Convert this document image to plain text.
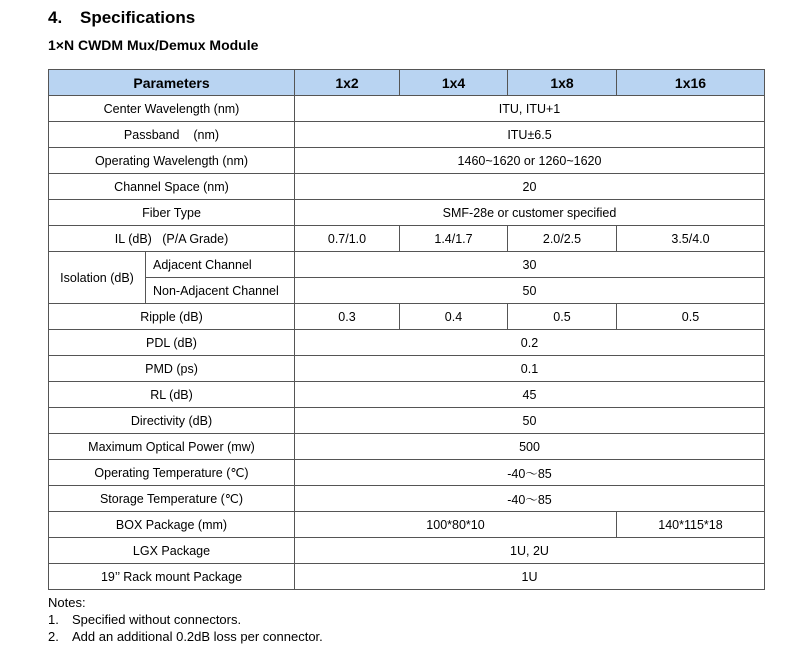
4. Specifications
1×N CWDM Mux/Demux Module
Parameters		1x2	1x4	1x8	1x16
Center Wavelength (nm)		ITU, ITU+1			
Passband    (nm)		ITU±6.5			
Operating Wavelength (nm)		1460~1620 or 1260~1620			
Channel Space (nm)		20			
Fiber Type		SMF-28e or customer specified			
IL (dB)   (P/A Grade)		0.7/1.0	1.4/1.7	2.0/2.5	3.5/4.0
Isolation (dB)	Adjacent Channel	30			
	Non-Adjacent Channel	50			
Ripple (dB)		0.3	0.4	0.5	0.5
PDL (dB)		0.2			
PMD (ps)		0.1			
RL (dB)		45			
Directivity (dB)		50			
Maximum Optical Power (mw)		500			
Operating Temperature (℃)		-40～85			
Storage Temperature (℃)		-40～85			
BOX Package (mm)		100*80*10			140*115*18
LGX Package		1U, 2U			
19’’ Rack mount Package		1U			
Notes:
1. Specified without connectors.
2. Add an additional 0.2dB loss per connector.
